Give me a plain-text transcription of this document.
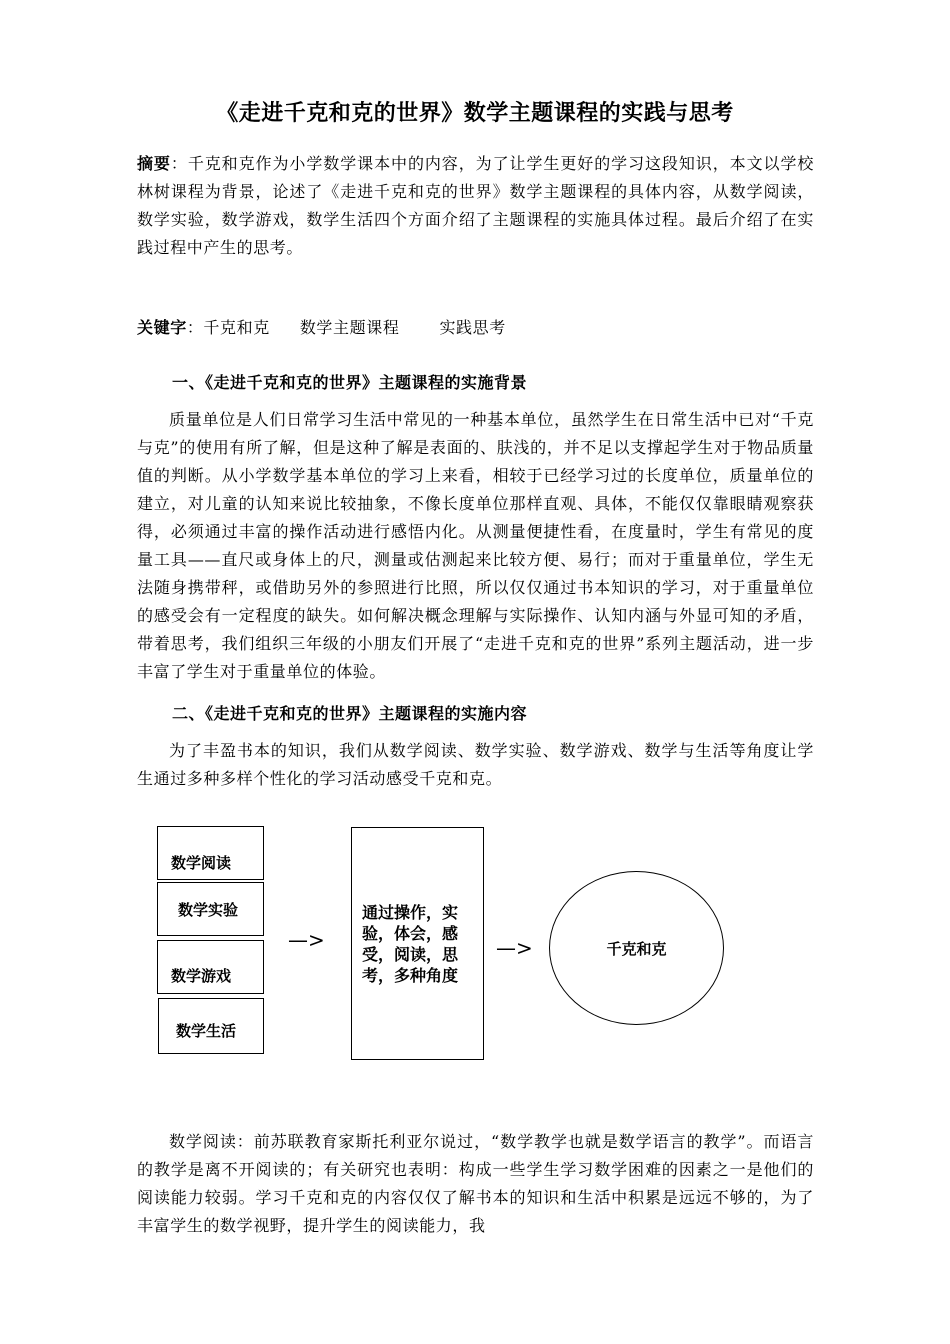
《走进千克和克的世界》数学主题课程的实践与思考
摘要：千克和克作为小学数学课本中的内容，为了让学生更好的学习这段知识，本文以学校林树课程为背景，论述了《走进千克和克的世界》数学主题课程的具体内容，从数学阅读，数学实验，数学游戏，数学生活四个方面介绍了主题课程的实施具体过程。最后介绍了在实践过程中产生的思考。
关键字：千克和克 数学主题课程	实践思考
一、《走进千克和克的世界》主题课程的实施背景
质量单位是人们日常学习生活中常见的一种基本单位，虽然学生在日常生活中已对“千克与克”的使用有所了解，但是这种了解是表面的、肤浅的，并不足以支撑起学生对于物品质量值的判断。从小学数学基本单位的学习上来看，相较于已经学习过的长度单位，质量单位的建立，对儿童的认知来说比较抽象，不像长度单位那样直观、具体，不能仅仅靠眼睛观察获得，必须通过丰富的操作活动进行感悟内化。从测量便捷性看，在度量时，学生有常见的度量工具——直尺或身体上的尺，测量或估测起来比较方便、易行；而对于重量单位，学生无法随身携带秤，或借助另外的参照进行比照，所以仅仅通过书本知识的学习，对于重量单位的感受会有一定程度的缺失。如何解决概念理解与实际操作、认知内涵与外显可知的矛盾，带着思考，我们组织三年级的小朋友们开展了“走进千克和克的世界”系列主题活动，进一步丰富了学生对于重量单位的体验。
二、《走进千克和克的世界》主题课程的实施内容
为了丰盈书本的知识，我们从数学阅读、数学实验、数学游戏、数学与生活等角度让学生通过多种多样个性化的学习活动感受千克和克。
数学阅读
数学实验
数学游戏
数学生活
—>
通过操作，实验，体会，感受，阅读，思考，多种角度
—>	千克和克
数学阅读：前苏联教育家斯托利亚尔说过，“数学教学也就是数学语言的教学”。而语言的教学是离不开阅读的；有关研究也表明：构成一些学生学习数学困难的因素之一是他们的阅读能力较弱。学习千克和克的内容仅仅了解书本的知识和生活中积累是远远不够的，为了丰富学生的数学视野，提升学生的阅读能力，我
